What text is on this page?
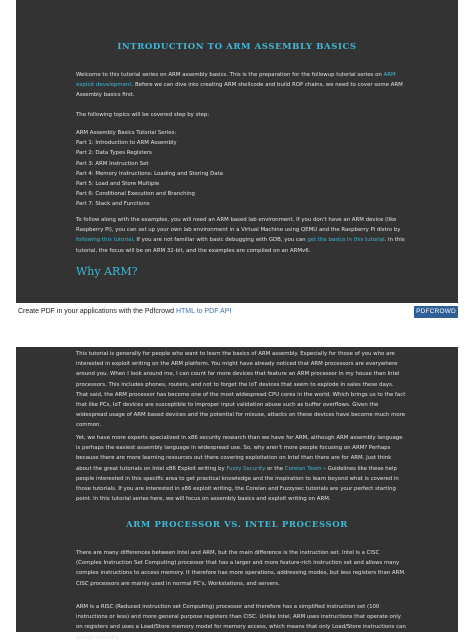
INTRODUCTION TO ARM ASSEMBLY BASICS

Welcome to this tutorial series on ARM assembly basics. This is the preparation for the followup tutorial series on ARM exploit development. Before we can dive into creating ARM shellcode and build ROP chains, we need to cover some ARM Assembly basics first.

The following topics will be covered step by step:
ARM Assembly Basics Tutorial Series:
Part 1: Introduction to ARM Assembly
Part 2: Data Types Registers
Part 3: ARM Instruction Set
Part 4: Memory Instructions: Loading and Storing Data
Part 5: Load and Store Multiple
Part 6: Conditional Execution and Branching
Part 7: Stack and Functions

To follow along with the examples, you will need an ARM based lab environment. If you don't have an ARM device (like Raspberry Pi), you can set up your own lab environment in a Virtual Machine using QEMU and the Raspberry Pi distro by following this tutorial. If you are not familiar with basic debugging with GDB, you can get the basics in this tutorial. In this tutorial, the focus will be on ARM 32-bit, and the examples are compiled on an ARMv6.

Why ARM?
Create PDF in your applications with the Pdfcrowd HTML to PDF API	PDFCROWD
This tutorial is generally for people who want to learn the basics of ARM assembly. Especially for those of you who are interested in exploit writing on the ARM platform. You might have already noticed that ARM processors are everywhere around you. When I look around me, I can count far more devices that feature an ARM processor in my house than Intel processors. This includes phones, routers, and not to forget the IoT devices that seem to explode in sales these days. That said, the ARM processor has become one of the most widespread CPU cores in the world. Which brings us to the fact that like PCs, IoT devices are susceptible to improper input validation abuse such as buffer overflows. Given the widespread usage of ARM based devices and the potential for misuse, attacks on these devices have become much more common.

Yet, we have more experts specialized in x86 security research than we have for ARM, although ARM assembly language is perhaps the easiest assembly language in widespread use. So, why aren't more people focusing on ARM? Perhaps because there are more learning resources out there covering exploitation on Intel than there are for ARM. Just think about the great tutorials on Intel x86 Exploit writing by Fuzzy Security or the Corelan Team – Guidelines like these help people interested in this specific area to get practical knowledge and the inspiration to learn beyond what is covered in those tutorials. If you are interested in x86 exploit writing, the Corelan and Fuzzysec tutorials are your perfect starting point. In this tutorial series here, we will focus on assembly basics and exploit writing on ARM.

ARM PROCESSOR VS. INTEL PROCESSOR
There are many differences between Intel and ARM, but the main difference is the instruction set. Intel is a CISC (Complex Instruction Set Computing) processor that has a larger and more feature-rich instruction set and allows many complex instructions to access memory. It therefore has more operations, addressing modes, but less registers than ARM. CISC processors are mainly used in normal PC's, Workstations, and servers.
ARM is a RISC (Reduced instruction set Computing) processor and therefore has a simplified instruction set (100 instructions or less) and more general purpose registers than CISC. Unlike Intel, ARM uses instructions that operate only on registers and uses a Load/Store memory model for memory access, which means that only Load/Store instructions can access memory.
